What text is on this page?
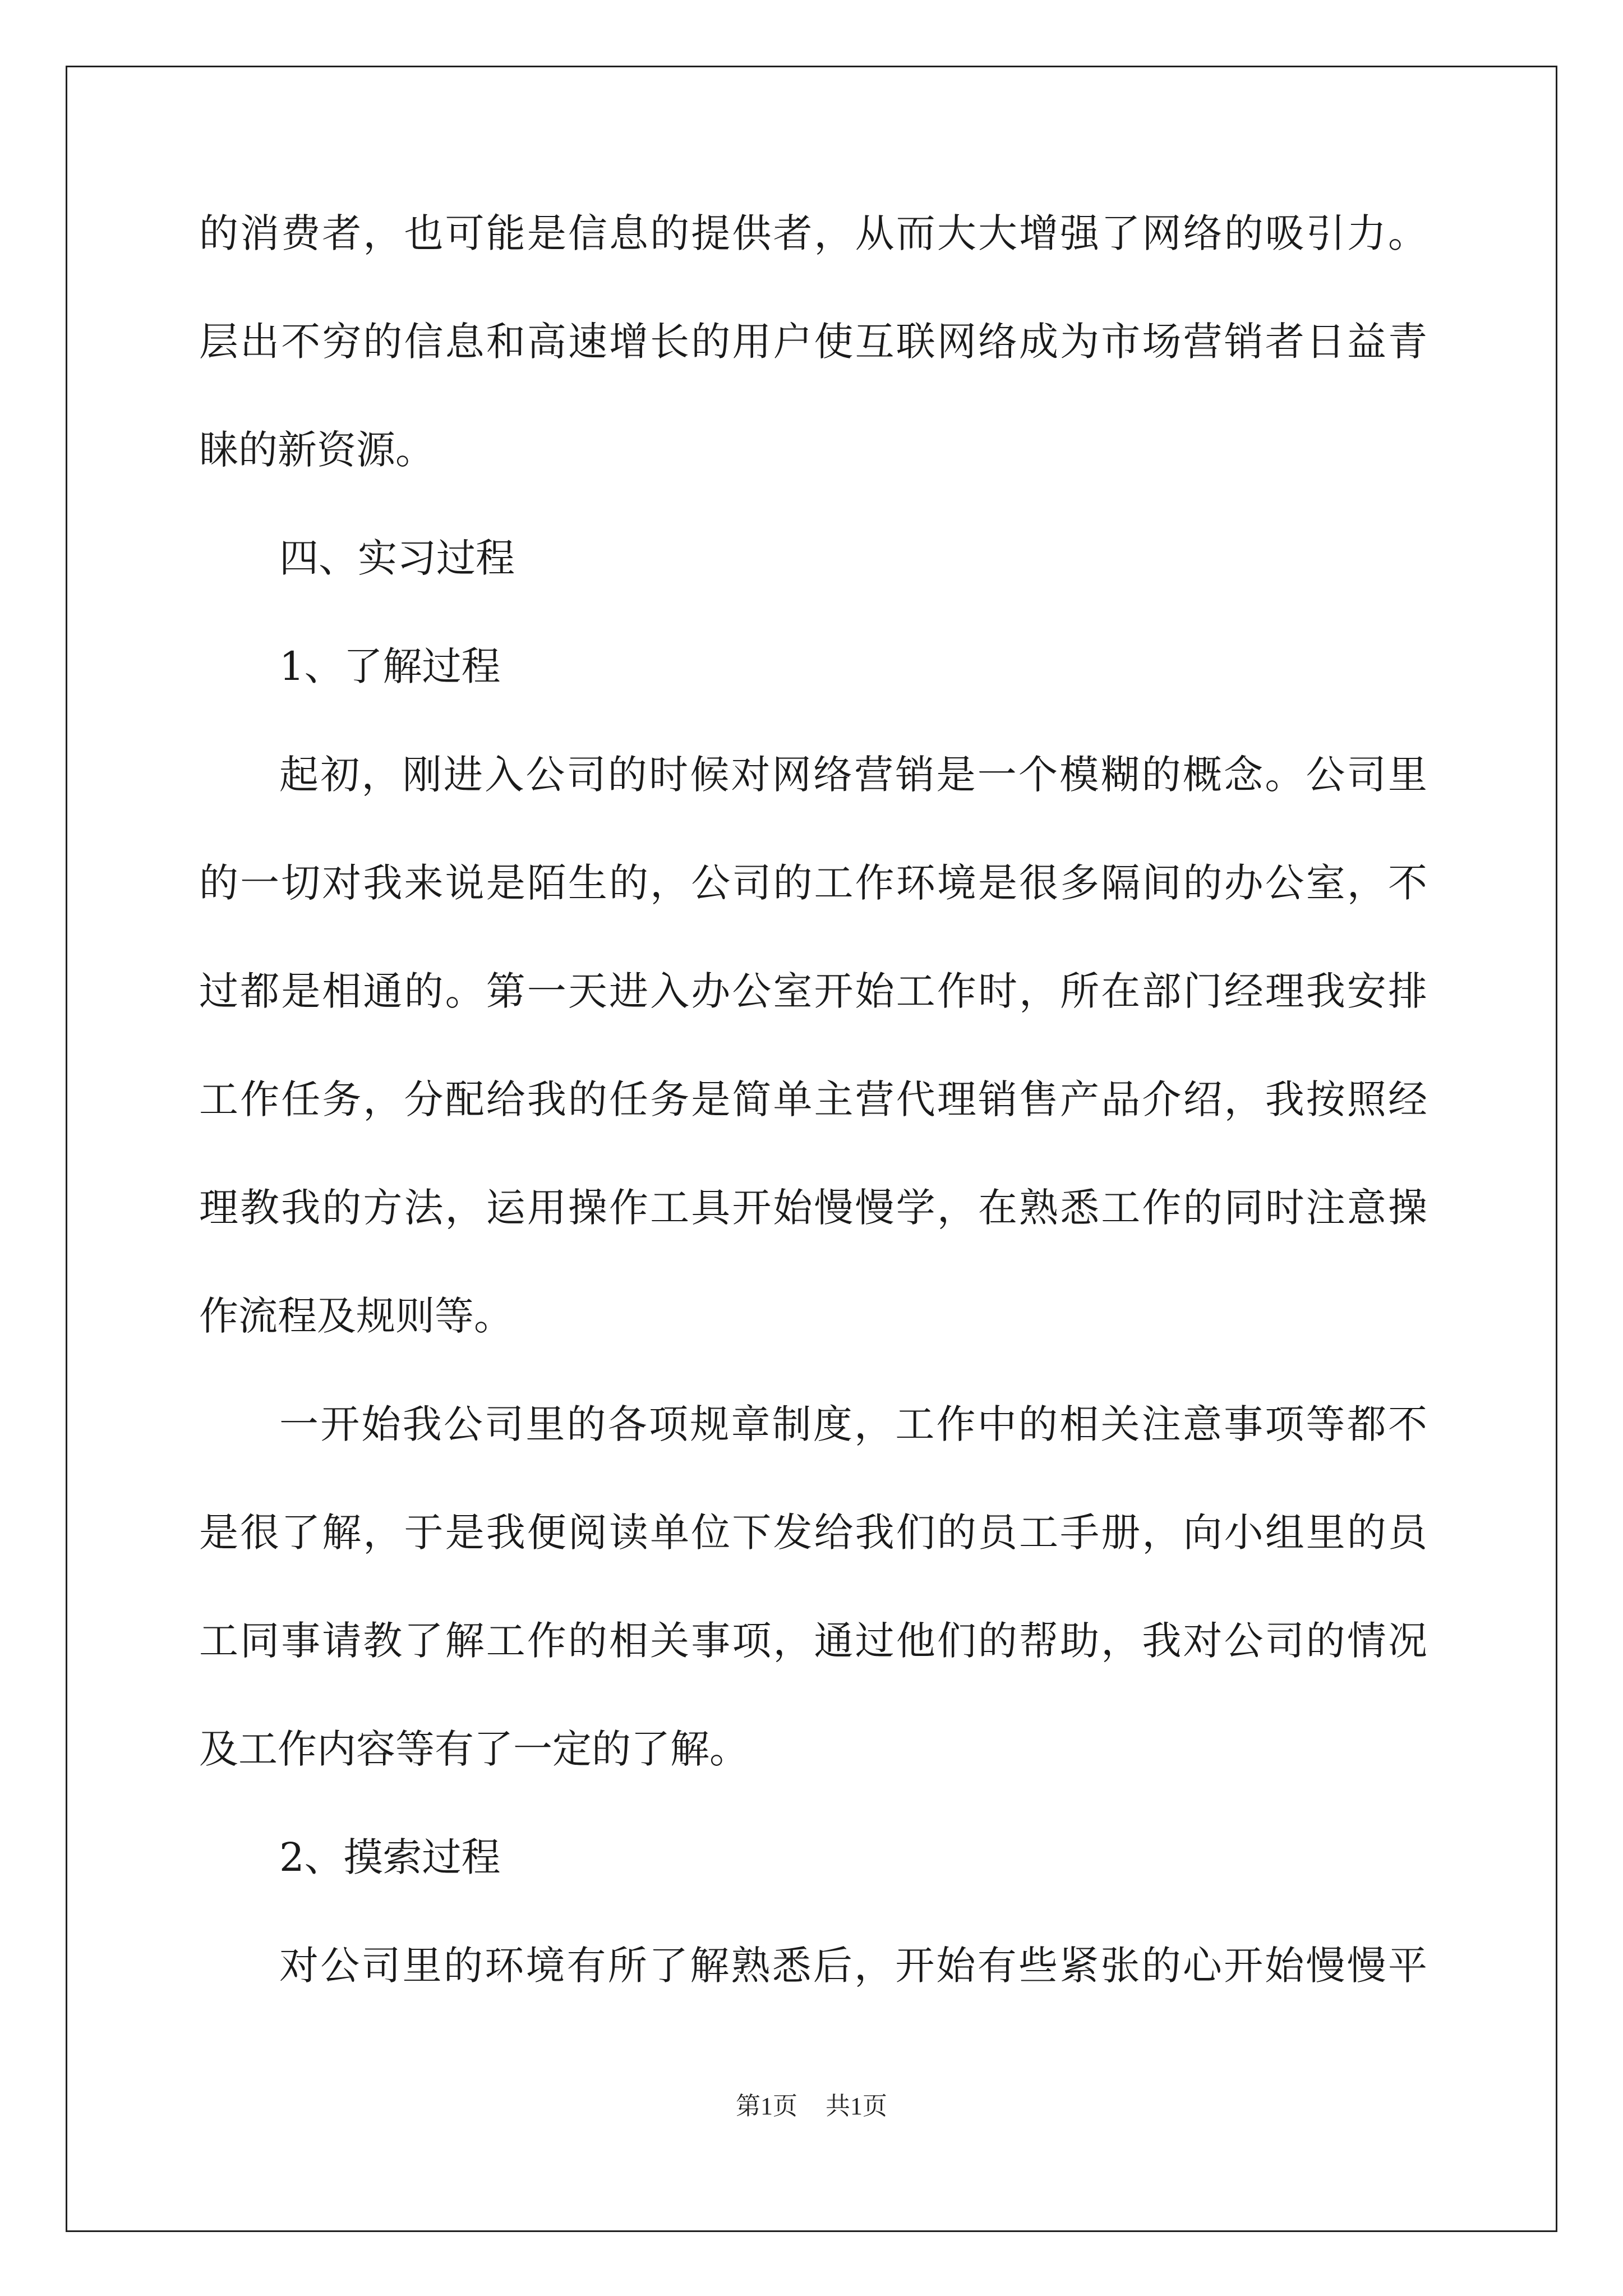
的消费者，也可能是信息的提供者，从而大大增强了网络的吸引力。
层出不穷的信息和高速增长的用户使互联网络成为市场营销者日益青
睐的新资源。
四、实习过程
1、了解过程
起初，刚进入公司的时候对网络营销是一个模糊的概念。公司里
的一切对我来说是陌生的，公司的工作环境是很多隔间的办公室，不
过都是相通的。第一天进入办公室开始工作时，所在部门经理我安排
工作任务，分配给我的任务是简单主营代理销售产品介绍，我按照经
理教我的方法，运用操作工具开始慢慢学，在熟悉工作的同时注意操
作流程及规则等。
一开始我公司里的各项规章制度，工作中的相关注意事项等都不
是很了解，于是我便阅读单位下发给我们的员工手册，向小组里的员
工同事请教了解工作的相关事项，通过他们的帮助，我对公司的情况
及工作内容等有了一定的了解。
2、摸索过程
对公司里的环境有所了解熟悉后，开始有些紧张的心开始慢慢平
第1页 共1页
